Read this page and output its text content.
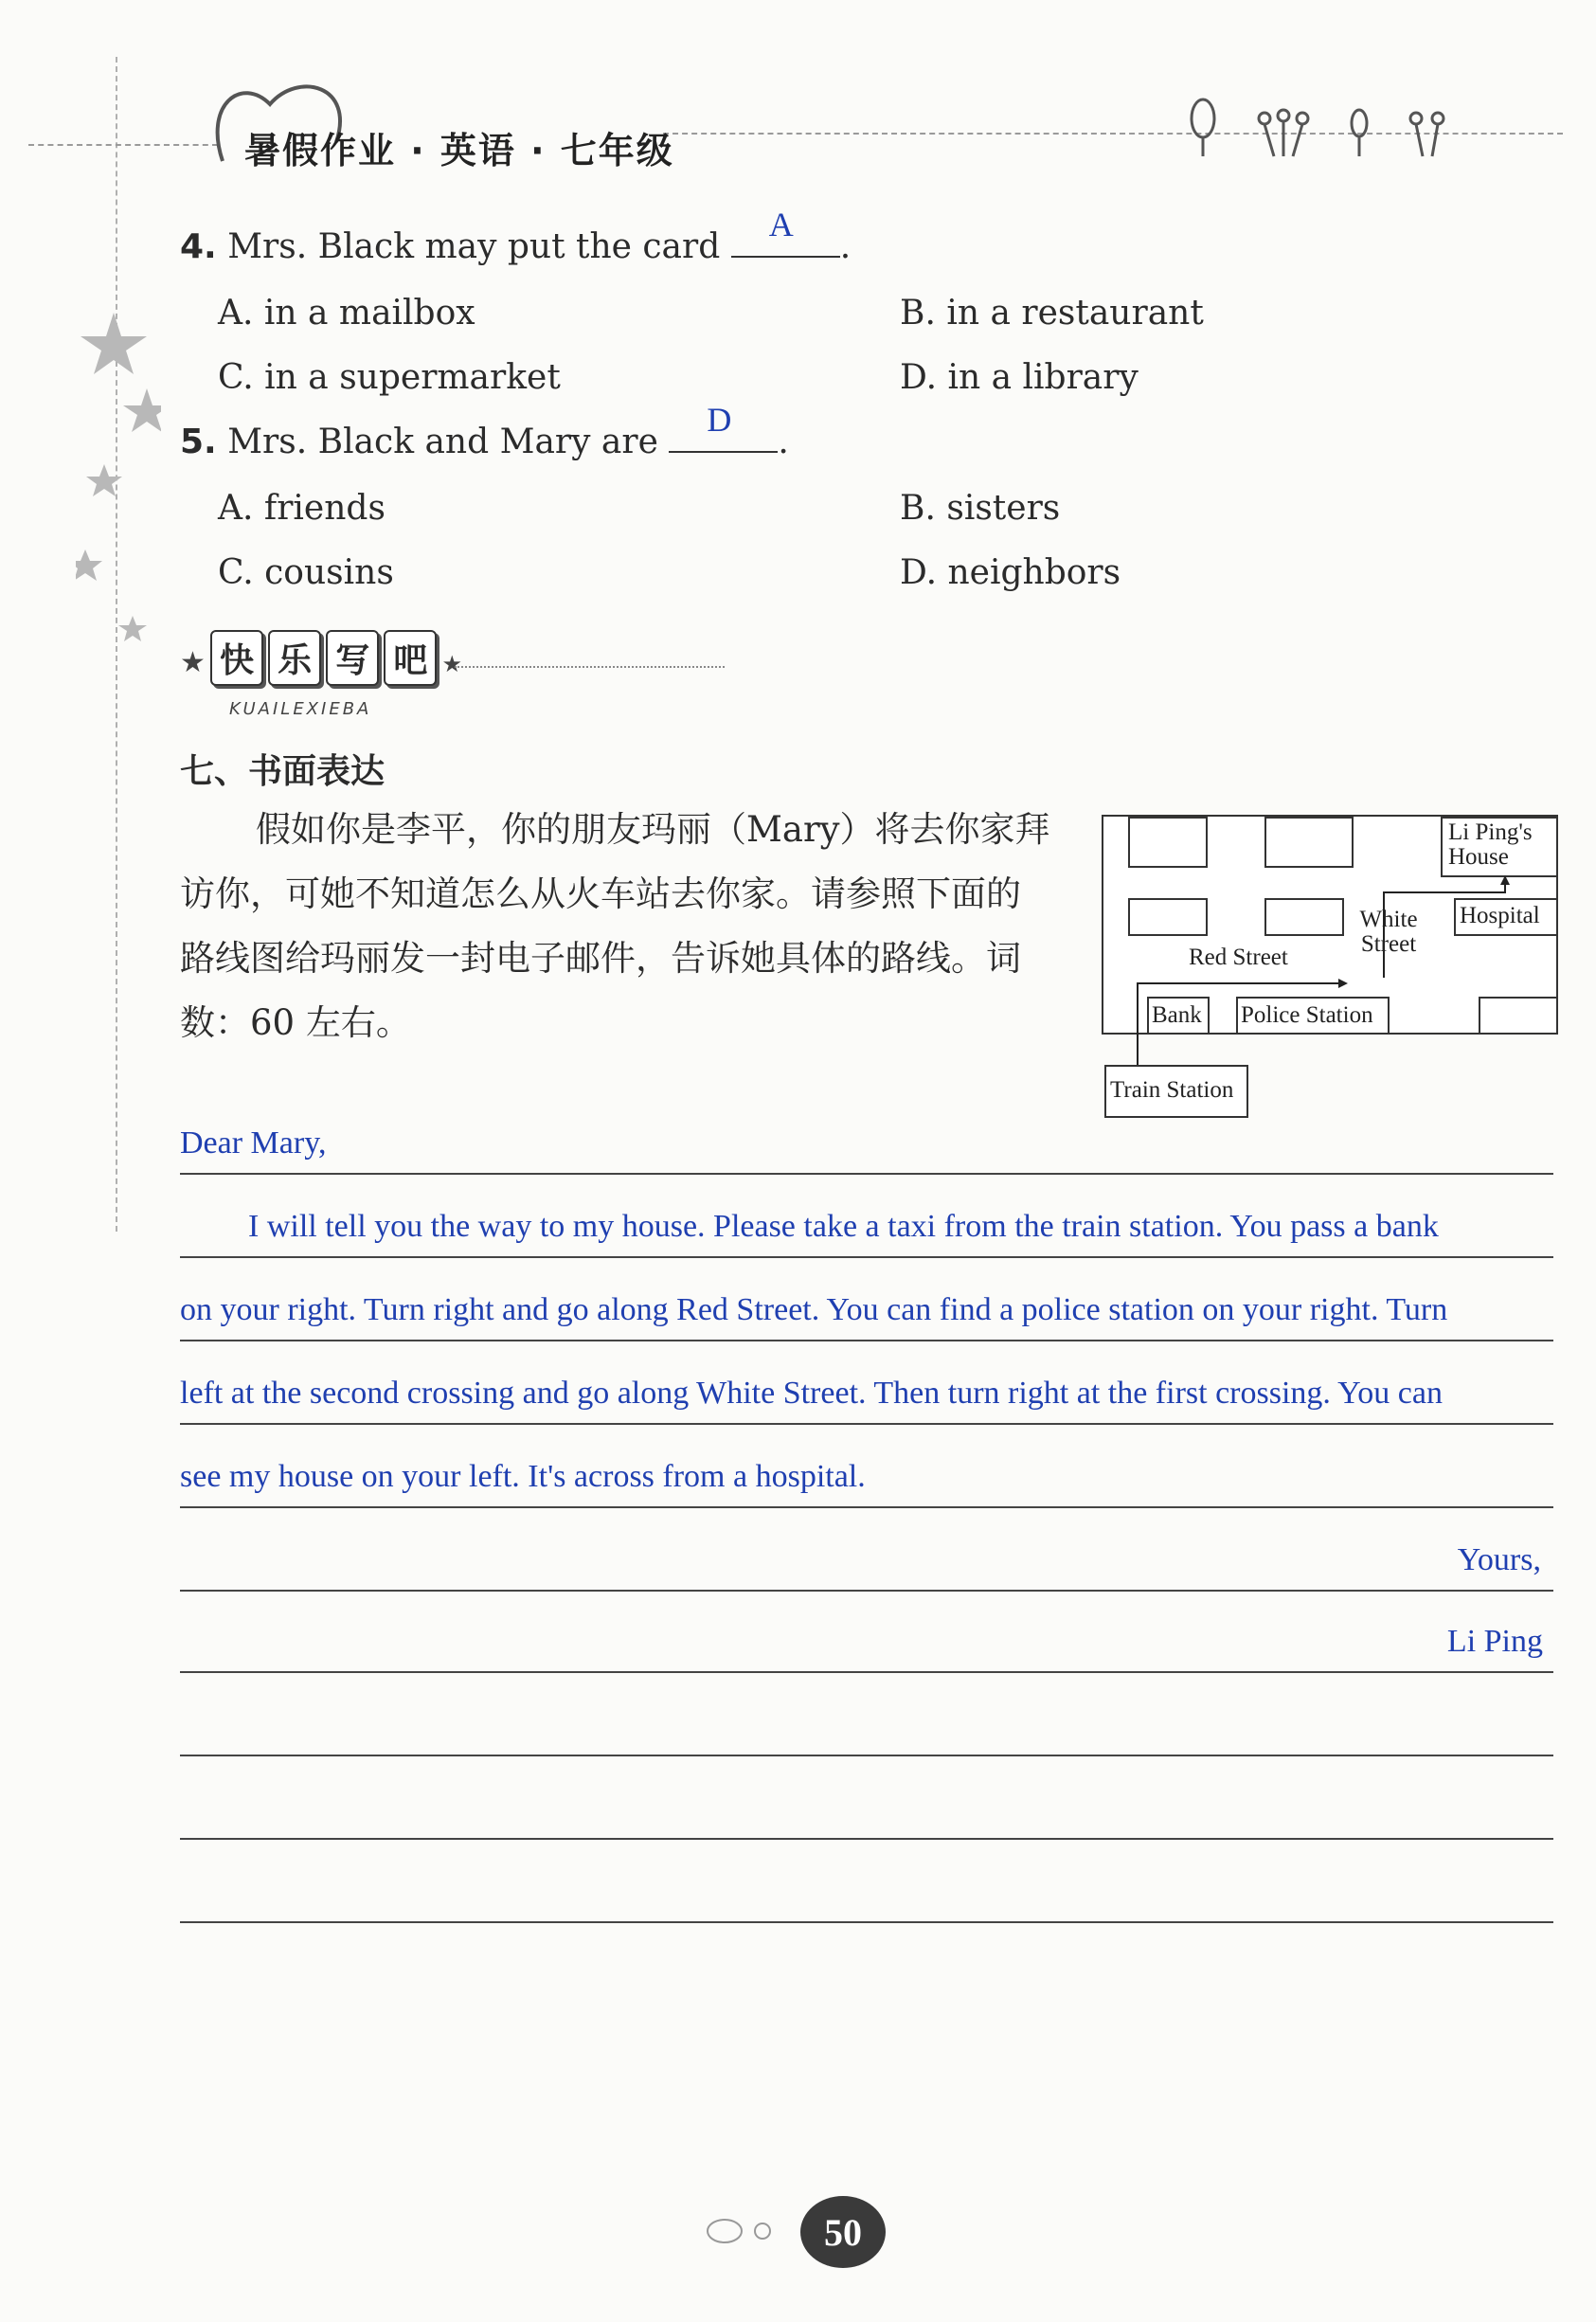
暑假作业 · 英语 · 七年级
4. Mrs. Black may put the card
A
.
A. in a mailbox	B. in a restaurant
C. in a supermarket	D. in a library
5. Mrs. Black and Mary are
D
.
A. friends	B. sisters
C. cousins	D. neighbors
★ 快 乐 写 吧 ★
KUAILEXIEBA
七、书面表达
假如你是李平，你的朋友玛丽（Mary）将去你家拜
访你，可她不知道怎么从火车站去你家。请参照下面的
路线图给玛丽发一封电子邮件，告诉她具体的路线。词
数：60 左右。
Li Ping's House
Hospital
White Street
Red Street
Bank Police Station
Train Station
Dear Mary,
I will tell you the way to my house. Please take a taxi from the train station. You pass a bank
on your right. Turn right and go along Red Street. You can find a police station on your right. Turn
left at the second crossing and go along White Street. Then turn right at the first crossing. You can
see my house on your left. It's across from a hospital.
Yours,
Li Ping
50
